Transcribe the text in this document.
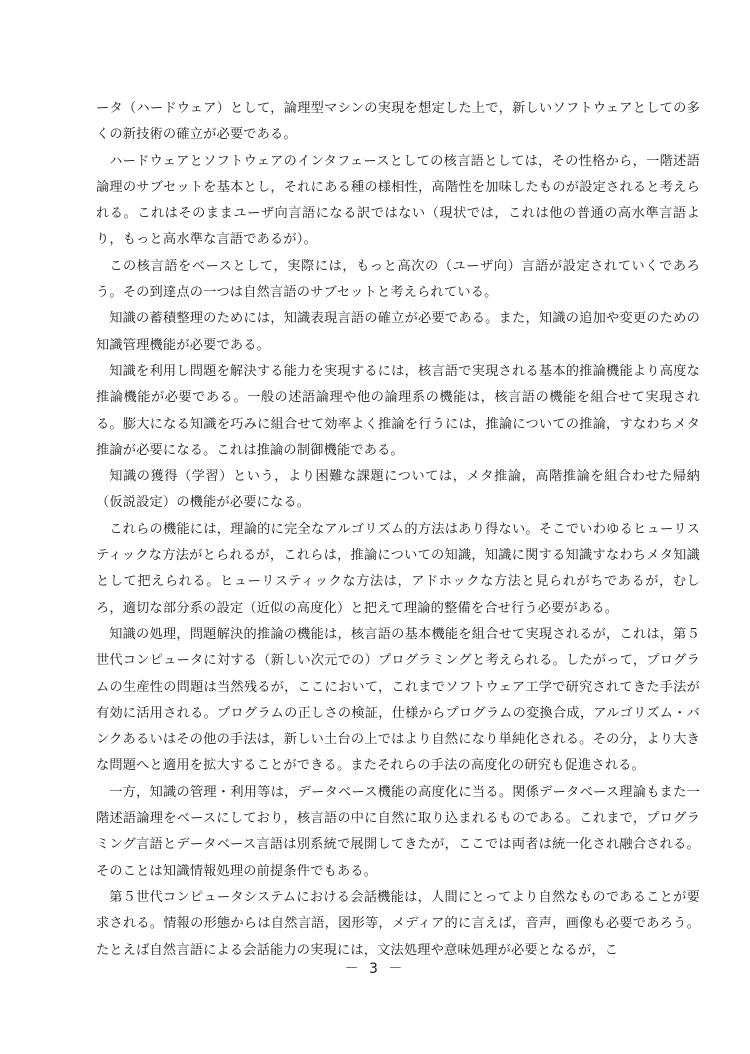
ータ（ハードウェア）として，論理型マシンの実現を想定した上で，新しいソフトウェアとしての多くの新技術の確立が必要である。

ハードウェアとソフトウェアのインタフェースとしての核言語としては，その性格から，一階述語論理のサブセットを基本とし，それにある種の様相性，高階性を加味したものが設定されると考えられる。これはそのままユーザ向言語になる訳ではない（現状では，これは他の普通の高水準言語より，もっと高水準な言語であるが）。

この核言語をベースとして，実際には，もっと高次の（ユーザ向）言語が設定されていくであろう。その到達点の一つは自然言語のサブセットと考えられている。

知識の蓄積整理のためには，知識表現言語の確立が必要である。また，知識の追加や変更のための知識管理機能が必要である。

知識を利用し問題を解決する能力を実現するには，核言語で実現される基本的推論機能より高度な推論機能が必要である。一般の述語論理や他の論理系の機能は，核言語の機能を組合せて実現される。膨大になる知識を巧みに組合せて効率よく推論を行うには，推論についての推論，すなわちメタ推論が必要になる。これは推論の制御機能である。

知識の獲得（学習）という，より困難な課題については，メタ推論，高階推論を組合わせた帰納（仮説設定）の機能が必要になる。

これらの機能には，理論的に完全なアルゴリズム的方法はあり得ない。そこでいわゆるヒューリスティックな方法がとられるが，これらは，推論についての知識，知識に関する知識すなわちメタ知識として把えられる。ヒューリスティックな方法は，アドホックな方法と見られがちであるが，むしろ，適切な部分系の設定（近似の高度化）と把えて理論的整備を合せ行う必要がある。

知識の処理，問題解決的推論の機能は，核言語の基本機能を組合せて実現されるが，これは，第５世代コンピュータに対する（新しい次元での）プログラミングと考えられる。したがって，プログラムの生産性の問題は当然残るが，ここにおいて，これまでソフトウェア工学で研究されてきた手法が有効に活用される。プログラムの正しさの検証，仕様からプログラムの変換合成，アルゴリズム・バンクあるいはその他の手法は，新しい土台の上ではより自然になり単純化される。その分，より大きな問題へと適用を拡大することができる。またそれらの手法の高度化の研究も促進される。

一方，知識の管理・利用等は，データベース機能の高度化に当る。関係データベース理論もまた一階述語論理をベースにしており，核言語の中に自然に取り込まれるものである。これまで，プログラミング言語とデータベース言語は別系統で展開してきたが，ここでは両者は統一化され融合される。そのことは知識情報処理の前提条件でもある。

第５世代コンピュータシステムにおける会話機能は，人間にとってより自然なものであることが要求される。情報の形態からは自然言語，図形等，メディア的に言えば，音声，画像も必要であろう。たとえば自然言語による会話能力の実現には，文法処理や意味処理が必要となるが，こ

－ 3 －
